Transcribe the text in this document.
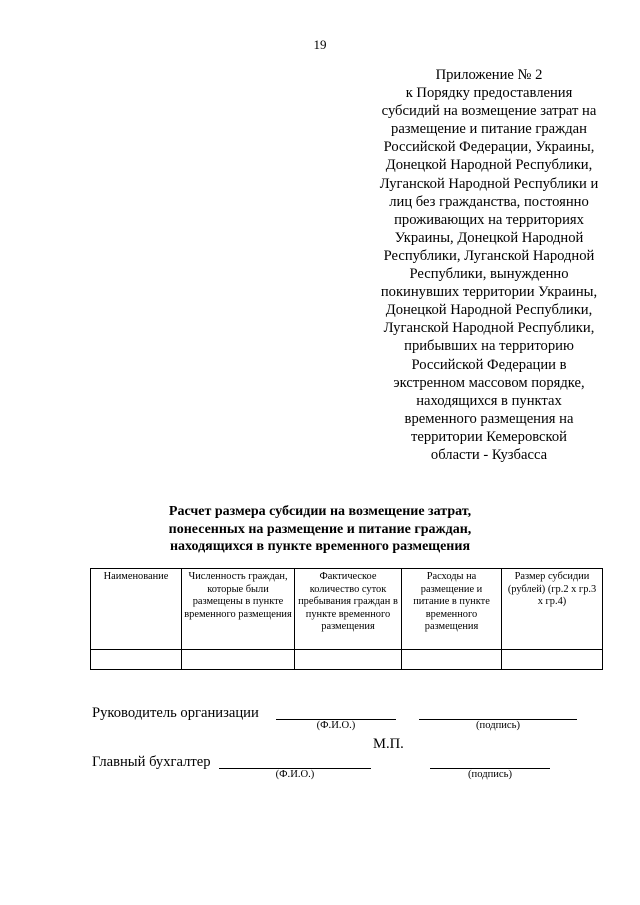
19
Приложение № 2
к Порядку предоставления
субсидий на возмещение затрат на
размещение и питание граждан
Российской Федерации, Украины,
Донецкой Народной Республики,
Луганской Народной Республики и
лиц без гражданства, постоянно
проживающих на территориях
Украины, Донецкой Народной
Республики, Луганской Народной
Республики, вынужденно
покинувших территории Украины,
Донецкой Народной Республики,
Луганской Народной Республики,
прибывших на территорию
Российской Федерации в
экстренном массовом порядке,
находящихся в пунктах
временного размещения на
территории Кемеровской
области - Кузбасса
Расчет размера субсидии на возмещение затрат,
понесенных на размещение и питание граждан,
находящихся в пункте временного размещения
Наименование	Численность граждан, которые были размещены в пункте временного размещения	Фактическое количество суток пребывания граждан в пункте временного размещения	Расходы на размещение и питание в пункте временного размещения	Размер субсидии (рублей) (гр.2 х гр.3 х гр.4)

Руководитель организации
(Ф.И.О.)	(подпись)
М.П.
Главный бухгалтер
(Ф.И.О.)	(подпись)
